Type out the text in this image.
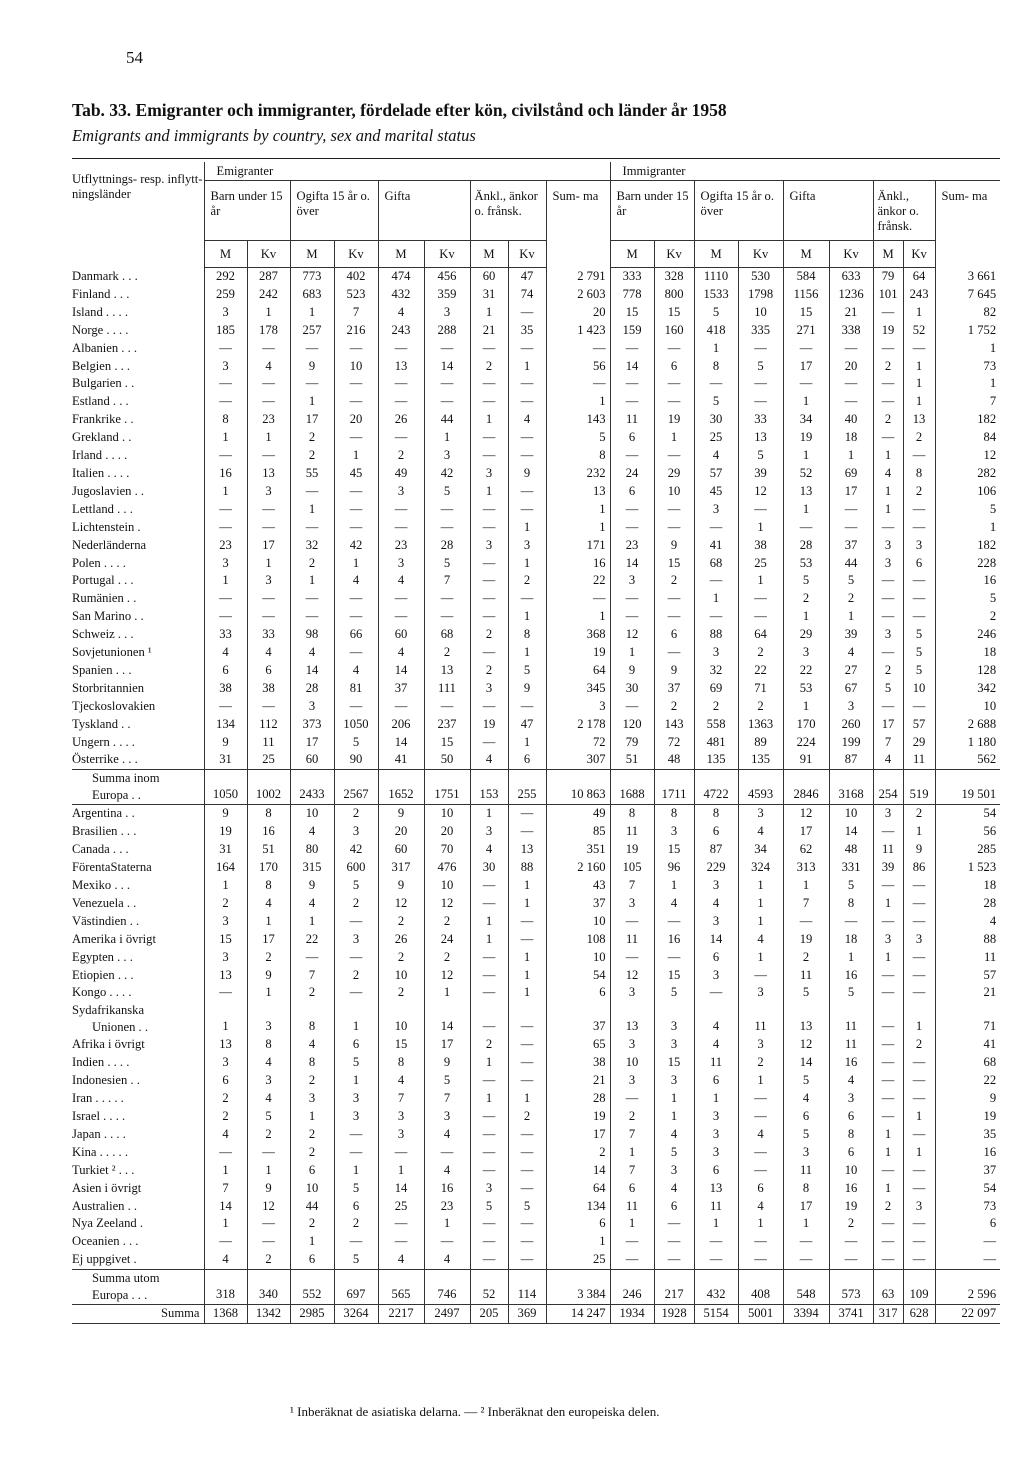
54
Tab. 33. Emigranter och immigranter, fördelade efter kön, civilstånd och länder år 1958
Emigrants and immigrants by country, sex and marital status
Utflyttnings- resp. inflytt- ningsländer	Emigranter									Immigranter								
	Barn under 15 år		Ogifta 15 år o. över		Gifta		Änkl., änkor o. frånsk.		Sum- ma	Barn under 15 år		Ogifta 15 år o. över		Gifta		Änkl., änkor o. frånsk.		Sum- ma
	M	Kv	M	Kv	M	Kv	M	Kv		M	Kv	M	Kv	M	Kv	M	Kv	

Danmark . . .	292	287	773	402	474	456	60	47	2 791	333	328	1110	530	584	633	79	64	3 661
Finland . . .	259	242	683	523	432	359	31	74	2 603	778	800	1533	1798	1156	1236	101	243	7 645
Island . . . .	3	1	1	7	4	3	1	—	20	15	15	5	10	15	21	—	1	82
Norge . . . .	185	178	257	216	243	288	21	35	1 423	159	160	418	335	271	338	19	52	1 752
Albanien . . .	—	—	—	—	—	—	—	—	—	—	—	1	—	—	—	—	—	1
Belgien . . .	3	4	9	10	13	14	2	1	56	14	6	8	5	17	20	2	1	73
Bulgarien . .	—	—	—	—	—	—	—	—	—	—	—	—	—	—	—	—	1	1
Estland . . .	—	—	1	—	—	—	—	—	1	—	—	5	—	1	—	—	1	7
Frankrike . .	8	23	17	20	26	44	1	4	143	11	19	30	33	34	40	2	13	182
Grekland . .	1	1	2	—	—	1	—	—	5	6	1	25	13	19	18	—	2	84
Irland . . . .	—	—	2	1	2	3	—	—	8	—	—	4	5	1	1	1	—	12
Italien . . . .	16	13	55	45	49	42	3	9	232	24	29	57	39	52	69	4	8	282
Jugoslavien . .	1	3	—	—	3	5	1	—	13	6	10	45	12	13	17	1	2	106
Lettland . . .	—	—	1	—	—	—	—	—	1	—	—	3	—	1	—	1	—	5
Lichtenstein .	—	—	—	—	—	—	—	1	1	—	—	—	1	—	—	—	—	1
Nederländerna	23	17	32	42	23	28	3	3	171	23	9	41	38	28	37	3	3	182
Polen . . . .	3	1	2	1	3	5	—	1	16	14	15	68	25	53	44	3	6	228
Portugal . . .	1	3	1	4	4	7	—	2	22	3	2	—	1	5	5	—	—	16
Rumänien . .	—	—	—	—	—	—	—	—	—	—	—	1	—	2	2	—	—	5
San Marino . .	—	—	—	—	—	—	—	1	1	—	—	—	—	1	1	—	—	2
Schweiz . . .	33	33	98	66	60	68	2	8	368	12	6	88	64	29	39	3	5	246
Sovjetunionen ¹	4	4	4	—	4	2	—	1	19	1	—	3	2	3	4	—	5	18
Spanien . . .	6	6	14	4	14	13	2	5	64	9	9	32	22	22	27	2	5	128
Storbritannien	38	38	28	81	37	111	3	9	345	30	37	69	71	53	67	5	10	342
Tjeckoslovakien	—	—	3	—	—	—	—	—	3	—	2	2	2	1	3	—	—	10
Tyskland . .	134	112	373	1050	206	237	19	47	2 178	120	143	558	1363	170	260	17	57	2 688
Ungern . . . .	9	11	17	5	14	15	—	1	72	79	72	481	89	224	199	7	29	1 180
Österrike . . .	31	25	60	90	41	50	4	6	307	51	48	135	135	91	87	4	11	562

Summa inom
Europa . .	1050	1002	2433	2567	1652	1751	153	255	10 863	1688	1711	4722	4593	2846	3168	254	519	19 501
Argentina . .	9	8	10	2	9	10	1	—	49	8	8	8	3	12	10	3	2	54
Brasilien . . .	19	16	4	3	20	20	3	—	85	11	3	6	4	17	14	—	1	56
Canada . . .	31	51	80	42	60	70	4	13	351	19	15	87	34	62	48	11	9	285
FörentaStaterna	164	170	315	600	317	476	30	88	2 160	105	96	229	324	313	331	39	86	1 523
Mexiko . . .	1	8	9	5	9	10	—	1	43	7	1	3	1	1	5	—	—	18
Venezuela . .	2	4	4	2	12	12	—	1	37	3	4	4	1	7	8	1	—	28
Västindien . .	3	1	1	—	2	2	1	—	10	—	—	3	1	—	—	—	—	4
Amerika i övrigt	15	17	22	3	26	24	1	—	108	11	16	14	4	19	18	3	3	88
Egypten . . .	3	2	—	—	2	2	—	1	10	—	—	6	1	2	1	1	—	11
Etiopien . . .	13	9	7	2	10	12	—	1	54	12	15	3	—	11	16	—	—	57
Kongo . . . .	—	1	2	—	2	1	—	1	6	3	5	—	3	5	5	—	—	21

Sydafrikanska
Unionen . .	1	3	8	1	10	14	—	—	37	13	3	4	11	13	11	—	1	71
Afrika i övrigt	13	8	4	6	15	17	2	—	65	3	3	4	3	12	11	—	2	41
Indien . . . .	3	4	8	5	8	9	1	—	38	10	15	11	2	14	16	—	—	68
Indonesien . .	6	3	2	1	4	5	—	—	21	3	3	6	1	5	4	—	—	22
Iran . . . . .	2	4	3	3	7	7	1	1	28	—	1	1	—	4	3	—	—	9
Israel . . . .	2	5	1	3	3	3	—	2	19	2	1	3	—	6	6	—	1	19
Japan . . . .	4	2	2	—	3	4	—	—	17	7	4	3	4	5	8	1	—	35
Kina . . . . .	—	—	2	—	—	—	—	—	2	1	5	3	—	3	6	1	1	16
Turkiet ² . . .	1	1	6	1	1	4	—	—	14	7	3	6	—	11	10	—	—	37
Asien i övrigt	7	9	10	5	14	16	3	—	64	6	4	13	6	8	16	1	—	54
Australien . .	14	12	44	6	25	23	5	5	134	11	6	11	4	17	19	2	3	73
Nya Zeeland .	1	—	2	2	—	1	—	—	6	1	—	1	1	1	2	—	—	6
Oceanien . . .	—	—	1	—	—	—	—	—	1	—	—	—	—	—	—	—	—	—
Ej uppgivet .	4	2	6	5	4	4	—	—	25	—	—	—	—	—	—	—	—	—

Summa utom
Europa . . .	318	340	552	697	565	746	52	114	3 384	246	217	432	408	548	573	63	109	2 596
Summa	1368	1342	2985	3264	2217	2497	205	369	14 247	1934	1928	5154	5001	3394	3741	317	628	22 097
¹ Inberäknat de asiatiska delarna. — ² Inberäknat den europeiska delen.
